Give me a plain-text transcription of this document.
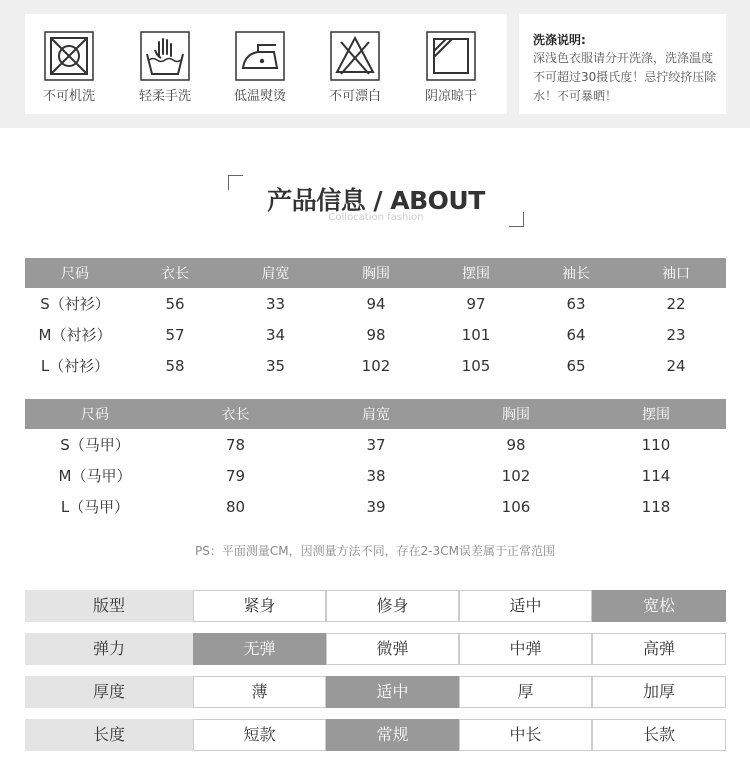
不可机洗	轻柔手洗	低温熨烫	不可漂白	阴凉晾干
洗涤说明:
深浅色衣服请分开洗涤，洗涤温度不可超过30摄氏度！忌拧绞挤压除水！不可暴晒！
产品信息 / ABOUT
Collocation fashion
尺码	衣长	肩宽	胸围	摆围	袖长	袖口
S（衬衫）	56	33	94	97	63	22
M（衬衫）	57	34	98	101	64	23
L（衬衫）	58	35	102	105	65	24
尺码	衣长	肩宽	胸围	摆围
S（马甲）	78	37	98	110
M（马甲）	79	38	102	114
L（马甲）	80	39	106	118
PS：平面测量CM，因测量方法不同，存在2-3CM误差属于正常范围
版型	紧身	修身	适中	宽松
弹力	无弹	微弹	中弹	高弹
厚度	薄	适中	厚	加厚
长度	短款	常规	中长	长款
